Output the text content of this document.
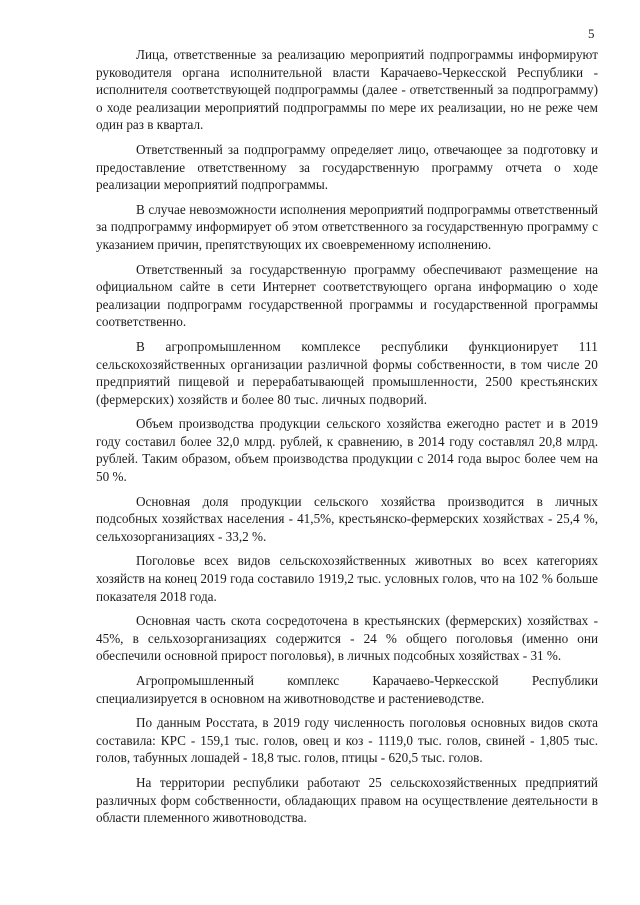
5

Лица, ответственные за реализацию мероприятий подпрограммы информируют руководителя органа исполнительной власти Карачаево-Черкесской Республики - исполнителя соответствующей подпрограммы (далее - ответственный за подпрограмму) о ходе реализации мероприятий подпрограммы по мере их реализации, но не реже чем один раз в квартал.

Ответственный за подпрограмму определяет лицо, отвечающее за подготовку и предоставление ответственному за государственную программу отчета о ходе реализации мероприятий подпрограммы.

В случае невозможности исполнения мероприятий подпрограммы ответственный за подпрограмму информирует об этом ответственного за государственную программу с указанием причин, препятствующих их своевременному исполнению.

Ответственный за государственную программу обеспечивают размещение на официальном сайте в сети Интернет соответствующего органа информацию о ходе реализации подпрограмм государственной программы и государственной программы соответственно.

В агропромышленном комплексе республики функционирует 111 сельскохозяйственных организации различной формы собственности, в том числе 20 предприятий пищевой и перерабатывающей промышленности, 2500 крестьянских (фермерских) хозяйств и более 80 тыс. личных подворий.

Объем производства продукции сельского хозяйства ежегодно растет и в 2019 году составил более 32,0 млрд. рублей, к сравнению, в 2014 году составлял 20,8 млрд. рублей. Таким образом, объем производства продукции с 2014 года вырос более чем на 50 %.

Основная доля продукции сельского хозяйства производится в личных подсобных хозяйствах населения - 41,5%, крестьянско-фермерских хозяйствах - 25,4 %, сельхозорганизациях - 33,2 %.

Поголовье всех видов сельскохозяйственных животных во всех категориях хозяйств на конец 2019 года составило 1919,2 тыс. условных голов, что на 102 % больше показателя 2018 года.

Основная часть скота сосредоточена в крестьянских (фермерских) хозяйствах - 45%, в сельхозорганизациях содержится - 24 % общего поголовья (именно они обеспечили основной прирост поголовья), в личных подсобных хозяйствах - 31 %.

Агропромышленный комплекс Карачаево-Черкесской Республики специализируется в основном на животноводстве и растениеводстве.

По данным Росстата, в 2019 году численность поголовья основных видов скота составила: КРС - 159,1 тыс. голов, овец и коз - 1119,0 тыс. голов, свиней - 1,805 тыс. голов, табунных лошадей - 18,8 тыс. голов, птицы - 620,5 тыс. голов.

На территории республики работают 25 сельскохозяйственных предприятий различных форм собственности, обладающих правом на осуществление деятельности в области племенного животноводства.
